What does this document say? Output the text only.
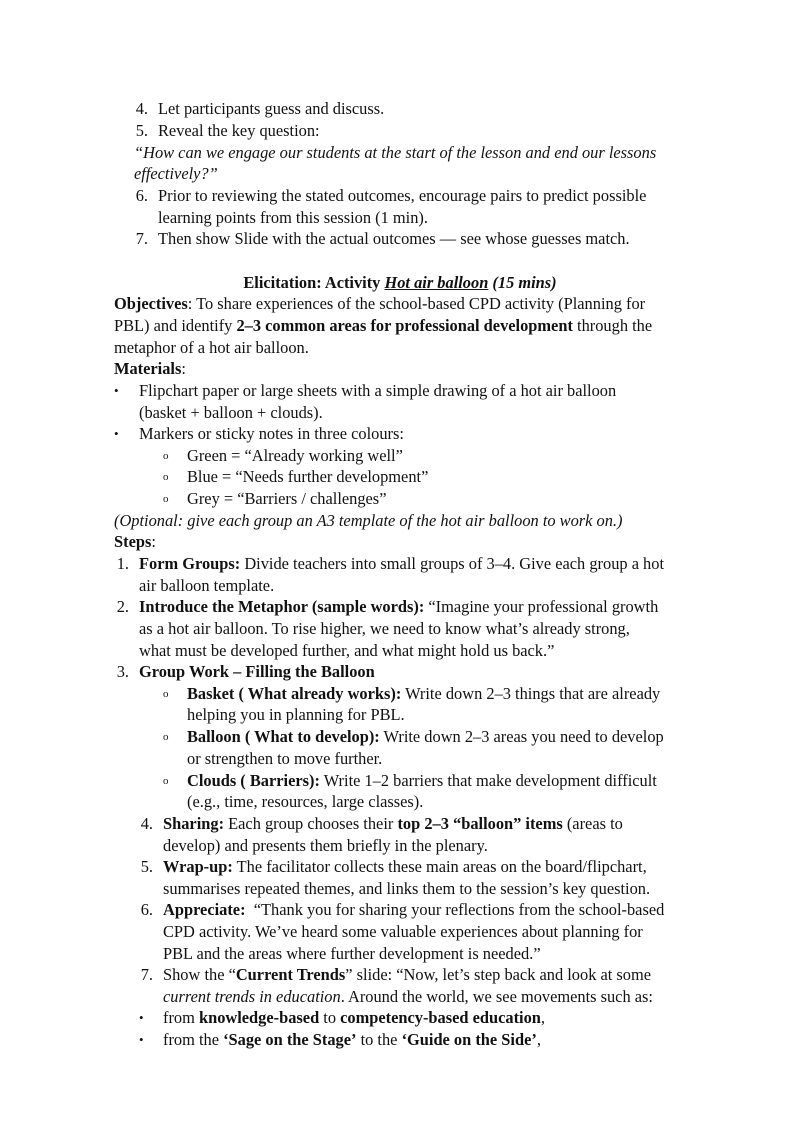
4. Let participants guess and discuss.
5. Reveal the key question:
“How can we engage our students at the start of the lesson and end our lessons
effectively?”
6. Prior to reviewing the stated outcomes, encourage pairs to predict possible
learning points from this session (1 min).
7. Then show Slide with the actual outcomes — see whose guesses match.
Elicitation: Activity Hot air balloon (15 mins)
Objectives: To share experiences of the school-based CPD activity (Planning for
PBL) and identify 2–3 common areas for professional development through the
metaphor of a hot air balloon.
Materials:
• Flipchart paper or large sheets with a simple drawing of a hot air balloon
(basket + balloon + clouds).
• Markers or sticky notes in three colours:
o Green = “Already working well”
o Blue = “Needs further development”
o Grey = “Barriers / challenges”
(Optional: give each group an A3 template of the hot air balloon to work on.)
Steps:
1. Form Groups: Divide teachers into small groups of 3–4. Give each group a hot
air balloon template.
2. Introduce the Metaphor (sample words): “Imagine your professional growth
as a hot air balloon. To rise higher, we need to know what’s already strong,
what must be developed further, and what might hold us back.”
3. Group Work – Filling the Balloon
o Basket ( What already works): Write down 2–3 things that are already
helping you in planning for PBL.
o Balloon ( What to develop): Write down 2–3 areas you need to develop
or strengthen to move further.
o Clouds ( Barriers): Write 1–2 barriers that make development difficult
(e.g., time, resources, large classes).
4. Sharing: Each group chooses their top 2–3 “balloon” items (areas to
develop) and presents them briefly in the plenary.
5. Wrap-up: The facilitator collects these main areas on the board/flipchart,
summarises repeated themes, and links them to the session’s key question.
6. Appreciate:  “Thank you for sharing your reflections from the school-based
CPD activity. We’ve heard some valuable experiences about planning for
PBL and the areas where further development is needed.”
7. Show the “Current Trends” slide: “Now, let’s step back and look at some
current trends in education. Around the world, we see movements such as:
• from knowledge-based to competency-based education,
• from the ‘Sage on the Stage’ to the ‘Guide on the Side’,
